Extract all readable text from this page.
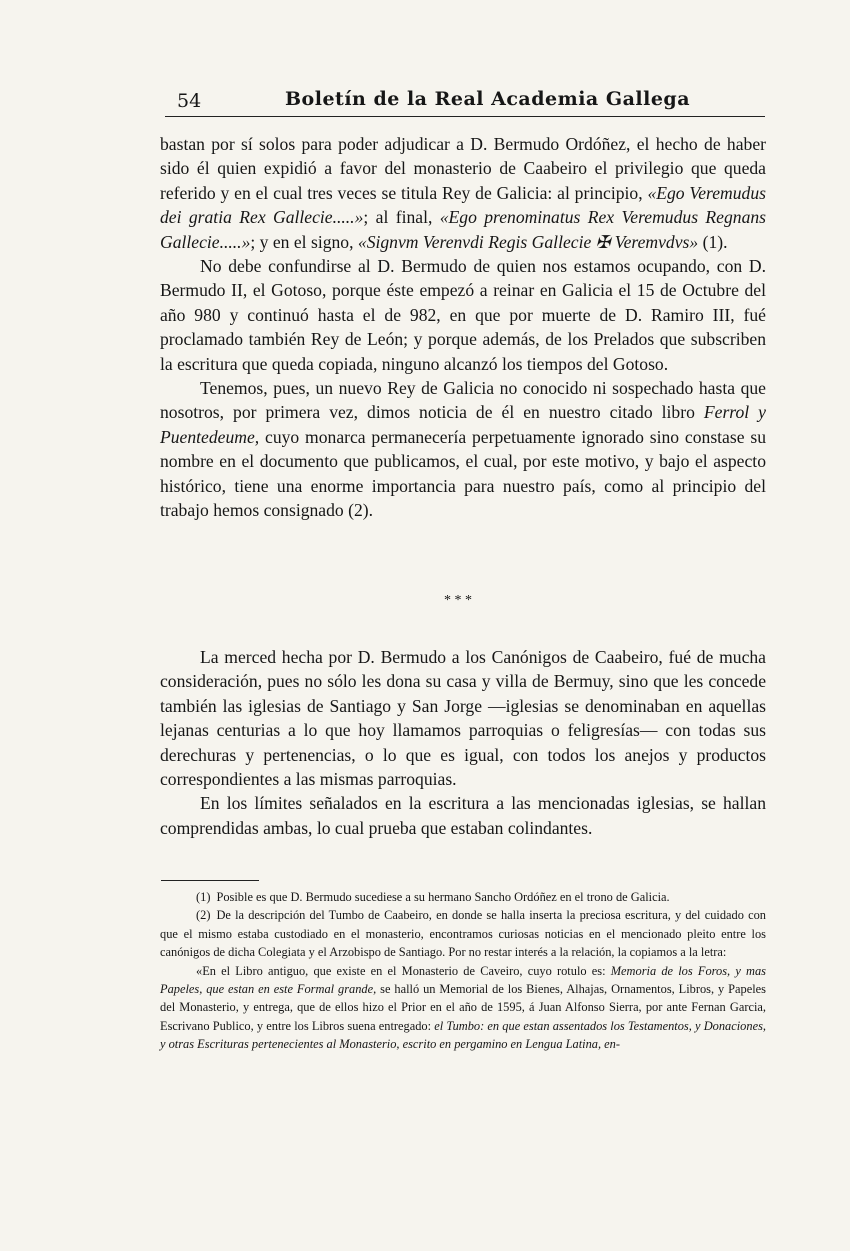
54	Boletín de la Real Academia Gallega

bastan por sí solos para poder adjudicar a D. Bermudo Ordóñez, el hecho de haber sido él quien expidió a favor del monasterio de Caabeiro el privilegio que queda referido y en el cual tres veces se titula Rey de Galicia: al principio, «Ego Veremudus dei gratia Rex Gallecie.....»; al final, «Ego prenominatus Rex Veremudus Regnans Gallecie.....»; y en el signo, «Signvm Verenvdi Regis Gallecie ✠ Veremvdvs» (1).

No debe confundirse al D. Bermudo de quien nos estamos ocupando, con D. Bermudo II, el Gotoso, porque éste empezó a reinar en Galicia el 15 de Octubre del año 980 y continuó hasta el de 982, en que por muerte de D. Ramiro III, fué proclamado también Rey de León; y porque además, de los Prelados que subscriben la escritura que queda copiada, ninguno alcanzó los tiempos del Gotoso.

Tenemos, pues, un nuevo Rey de Galicia no conocido ni sospechado hasta que nosotros, por primera vez, dimos noticia de él en nuestro citado libro Ferrol y Puentedeume, cuyo monarca permanecería perpetuamente ignorado sino constase su nombre en el documento que publicamos, el cual, por este motivo, y bajo el aspecto histórico, tiene una enorme importancia para nuestro país, como al principio del trabajo hemos consignado (2).

* * *

La merced hecha por D. Bermudo a los Canónigos de Caabeiro, fué de mucha consideración, pues no sólo les dona su casa y villa de Bermuy, sino que les concede también las iglesias de Santiago y San Jorge —iglesias se denominaban en aquellas lejanas centurias a lo que hoy llamamos parroquias o feligresías— con todas sus derechuras y pertenencias, o lo que es igual, con todos los anejos y productos correspondientes a las mismas parroquias.

En los límites señalados en la escritura a las mencionadas iglesias, se hallan comprendidas ambas, lo cual prueba que estaban colindantes.

(1) Posible es que D. Bermudo sucediese a su hermano Sancho Ordóñez en el trono de Galicia.

(2) De la descripción del Tumbo de Caabeiro, en donde se halla inserta la preciosa escritura, y del cuidado con que el mismo estaba custodiado en el monasterio, encontramos curiosas noticias en el mencionado pleito entre los canónigos de dicha Colegiata y el Arzobispo de Santiago. Por no restar interés a la relación, la copiamos a la letra:

«En el Libro antiguo, que existe en el Monasterio de Caveiro, cuyo rotulo es: Memoria de los Foros, y mas Papeles, que estan en este Formal grande, se halló un Memorial de los Bienes, Alhajas, Ornamentos, Libros, y Papeles del Monasterio, y entrega, que de ellos hizo el Prior en el año de 1595, á Juan Alfonso Sierra, por ante Fernan Garcia, Escrivano Publico, y entre los Libros suena entregado: el Tumbo: en que estan assentados los Testamentos, y Donaciones, y otras Escrituras pertenecientes al Monasterio, escrito en pergamino en Lengua Latina, en-
